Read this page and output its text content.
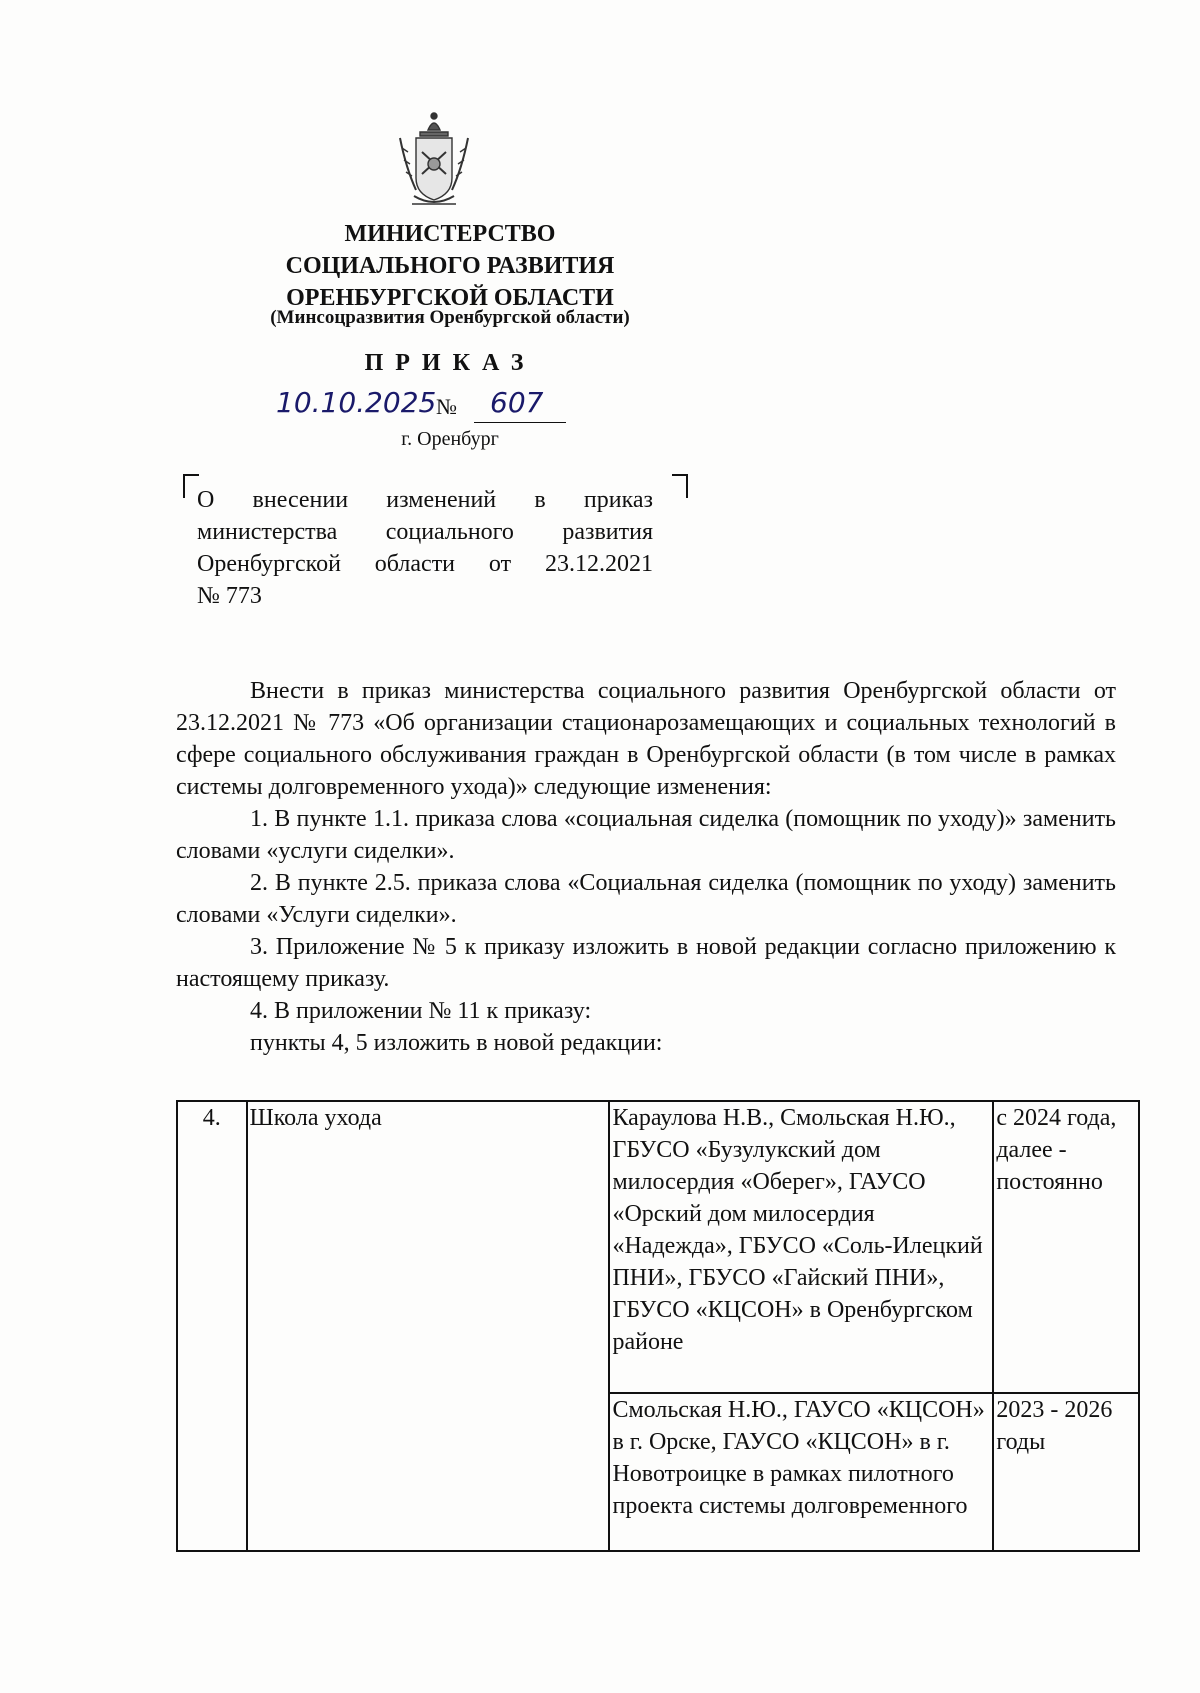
МИНИСТЕРСТВО
СОЦИАЛЬНОГО РАЗВИТИЯ
ОРЕНБУРГСКОЙ ОБЛАСТИ
(Минсоцразвития Оренбургской области)
ПРИКАЗ
10.10.2025 № 607
г. Оренбург
О внесении изменений в приказ
министерства социального развития
Оренбургской области от 23.12.2021
№ 773

Внести в приказ министерства социального развития Оренбургской области от 23.12.2021 № 773 «Об организации стационарозамещающих и социальных технологий в сфере социального обслуживания граждан в Оренбургской области (в том числе в рамках системы долговременного ухода)» следующие изменения:

1. В пункте 1.1. приказа слова «социальная сиделка (помощник по уходу)» заменить словами «услуги сиделки».

2. В пункте 2.5. приказа слова «Социальная сиделка (помощник по уходу) заменить словами «Услуги сиделки».

3. Приложение № 5 к приказу изложить в новой редакции согласно приложению к настоящему приказу.

4. В приложении № 11 к приказу:

пункты 4, 5 изложить в новой редакции:

4.	Школа ухода	Караулова Н.В., Смольская Н.Ю., ГБУСО «Бузулукский дом милосердия «Оберег», ГАУСО «Орский дом милосердия «Надежда», ГБУСО «Соль-Илецкий ПНИ», ГБУСО «Гайский ПНИ», ГБУСО «КЦСОН» в Оренбургском районе	с 2024 года, далее - постоянно
		Смольская Н.Ю., ГАУСО «КЦСОН» в г. Орске, ГАУСО «КЦСОН» в г. Новотроицке в рамках пилотного проекта системы долговременного	2023 - 2026 годы
